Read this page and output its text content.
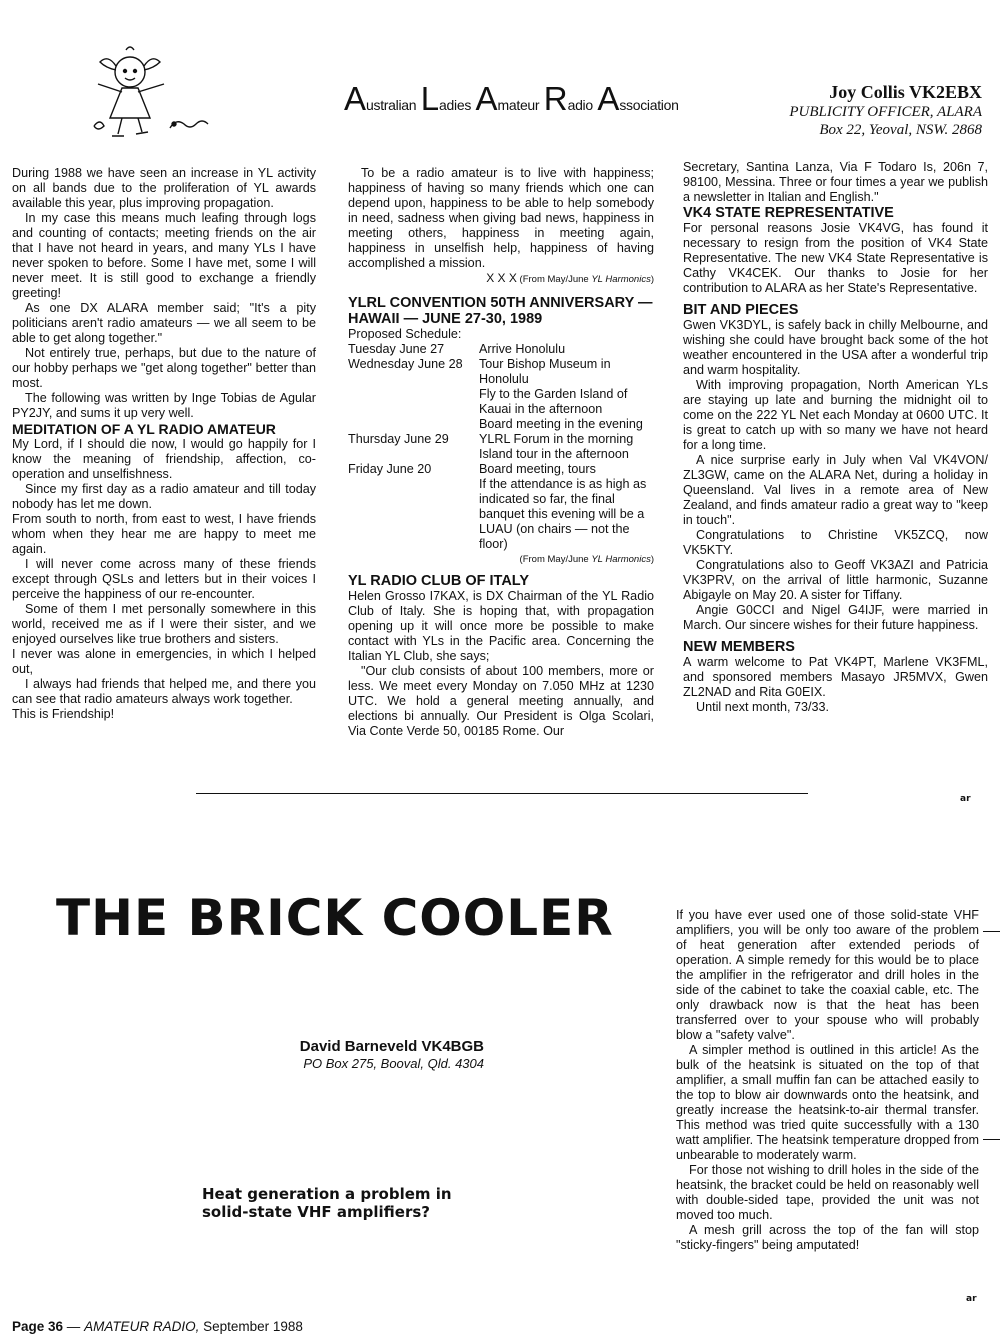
Australian Ladies Amateur Radio Association
Joy Collis VK2EBX
PUBLICITY OFFICER, ALARA
Box 22, Yeoval, NSW. 2868

During 1988 we have seen an increase in YL activity on all bands due to the proliferation of YL awards available this year, plus improving propagation.

In my case this means much leafing through logs and counting of contacts; meeting friends on the air that I have not heard in years, and many YLs I have never spoken to before. Some I have met, some I will never meet. It is still good to exchange a friendly greeting!

As one DX ALARA member said; "It's a pity politicians aren't radio amateurs — we all seem to be able to get along together."

Not entirely true, perhaps, but due to the nature of our hobby perhaps we "get along together" better than most.

The following was written by Inge Tobias de Agular PY2JY, and sums it up very well.

MEDITATION OF A YL RADIO AMATEUR

My Lord, if I should die now, I would go happily for I know the meaning of friendship, affection, co-operation and unselfishness.

Since my first day as a radio amateur and till today nobody has let me down.

From south to north, from east to west, I have friends whom when they hear me are happy to meet me again.

I will never come across many of these friends except through QSLs and letters but in their voices I perceive the happiness of our re-encounter.

Some of them I met personally somewhere in this world, received me as if I were their sister, and we enjoyed ourselves like true brothers and sisters.

I never was alone in emergencies, in which I helped out,

I always had friends that helped me, and there you can see that radio amateurs always work together.

This is Friendship!

To be a radio amateur is to live with happiness; happiness of having so many friends which one can depend upon, happiness to be able to help somebody in need, sadness when giving bad news, happiness in meeting others, happiness in meeting again, happiness in unselfish help, happiness of having accomplished a mission.

X X X (From May/June YL Harmonics)

YLRL CONVENTION 50TH ANNIVERSARY — HAWAII — JUNE 27-30, 1989

Proposed Schedule:

Tuesday June 27	Arrive Honolulu
Wednesday June 28	Tour Bishop Museum in Honolulu
Fly to the Garden Island of Kauai in the afternoon
Board meeting in the evening
Thursday June 29	YLRL Forum in the morning
Island tour in the afternoon
Friday June 20	Board meeting, tours
If the attendance is as high as indicated so far, the final banquet this evening will be a LUAU (on chairs — not the floor)

(From May/June YL Harmonics)

YL RADIO CLUB OF ITALY

Helen Grosso I7KAX, is DX Chairman of the YL Radio Club of Italy. She is hoping that, with propagation opening up it will once more be possible to make contact with YLs in the Pacific area. Concerning the Italian YL Club, she says;

"Our club consists of about 100 members, more or less. We meet every Monday on 7.050 MHz at 1230 UTC. We hold a general meeting annually, and elections bi annually. Our President is Olga Scolari, Via Conte Verde 50, 00185 Rome. Our

Secretary, Santina Lanza, Via F Todaro Is, 206n 7, 98100, Messina. Three or four times a year we publish a newsletter in Italian and English."

VK4 STATE REPRESENTATIVE

For personal reasons Josie VK4VG, has found it necessary to resign from the position of VK4 State Representative. The new VK4 State Representative is Cathy VK4CEK. Our thanks to Josie for her contribution to ALARA as her State's Representative.

BIT AND PIECES

Gwen VK3DYL, is safely back in chilly Melbourne, and wishing she could have brought back some of the hot weather encountered in the USA after a wonderful trip and warm hospitality.

With improving propagation, North American YLs are staying up late and burning the midnight oil to come on the 222 YL Net each Monday at 0600 UTC. It is great to catch up with so many we have not heard for a long time.

A nice surprise early in July when Val VK4VON/ ZL3GW, came on the ALARA Net, during a holiday in Queensland. Val lives in a remote area of New Zealand, and finds amateur radio a great way to "keep in touch".

Congratulations to Christine VK5ZCQ, now VK5KTY.

Congratulations also to Geoff VK3AZI and Patricia VK3PRV, on the arrival of little harmonic, Suzanne Abigayle on May 20. A sister for Tiffany.

Angie G0CCI and Nigel G4IJF, were married in March. Our sincere wishes for their future happiness.

NEW MEMBERS

A warm welcome to Pat VK4PT, Marlene VK3FML, and sponsored members Masayo JR5MVX, Gwen ZL2NAD and Rita G0EIX.

Until next month, 73/33.

ar
THE BRICK COOLER
David Barneveld VK4BGB
PO Box 275, Booval, Qld. 4304
Heat generation a problem in solid-state VHF amplifiers?

If you have ever used one of those solid-state VHF amplifiers, you will be only too aware of the problem of heat generation after extended periods of operation. A simple remedy for this would be to place the amplifier in the refrigerator and drill holes in the side of the cabinet to take the coaxial cable, etc. The only drawback now is that the heat has been transferred over to your spouse who will probably blow a "safety valve".

A simpler method is outlined in this article! As the bulk of the heatsink is situated on the top of that amplifier, a small muffin fan can be attached easily to the top to blow air downwards onto the heatsink, and greatly increase the heatsink-to-air thermal transfer. This method was tried quite successfully with a 130 watt amplifier. The heatsink temperature dropped from unbearable to moderately warm.

For those not wishing to drill holes in the side of the heatsink, the bracket could be held on reasonably well with double-sided tape, provided the unit was not moved too much.

A mesh grill across the top of the fan will stop "sticky-fingers" being amputated!

ar
Page 36 — AMATEUR RADIO, September 1988
